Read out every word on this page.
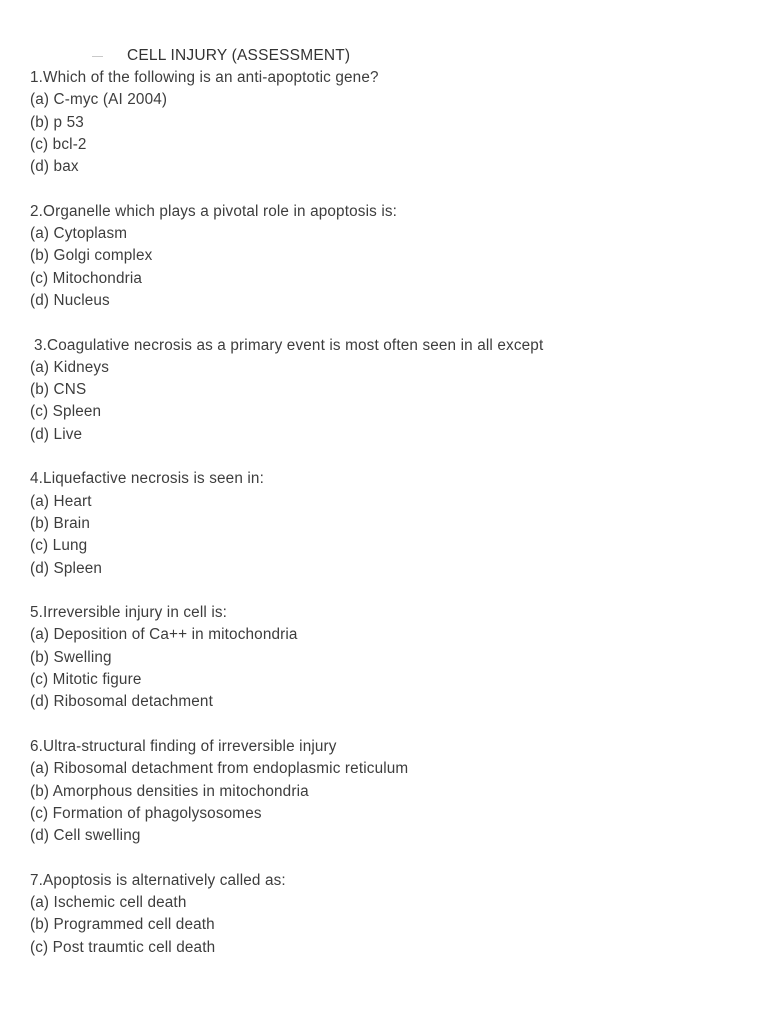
CELL INJURY (ASSESSMENT)
1.Which of the following is an anti-apoptotic gene?
(a) C-myc (AI 2004)
(b) p 53
(c) bcl-2
(d) bax
2.Organelle which plays a pivotal role in apoptosis is:
(a) Cytoplasm
(b) Golgi complex
(c) Mitochondria
(d) Nucleus
3.Coagulative necrosis as a primary event is most often seen in all except
(a) Kidneys
(b) CNS
(c) Spleen
(d) Live
4.Liquefactive necrosis is seen in:
(a) Heart
(b) Brain
(c) Lung
(d) Spleen
5.Irreversible injury in cell is:
(a) Deposition of Ca++ in mitochondria
(b) Swelling
(c) Mitotic figure
(d) Ribosomal detachment
6.Ultra-structural finding of irreversible injury
(a) Ribosomal detachment from endoplasmic reticulum
(b) Amorphous densities in mitochondria
(c) Formation of phagolysosomes
(d) Cell swelling
7.Apoptosis is alternatively called as:
(a) Ischemic cell death
(b) Programmed cell death
(c) Post traumtic cell death
